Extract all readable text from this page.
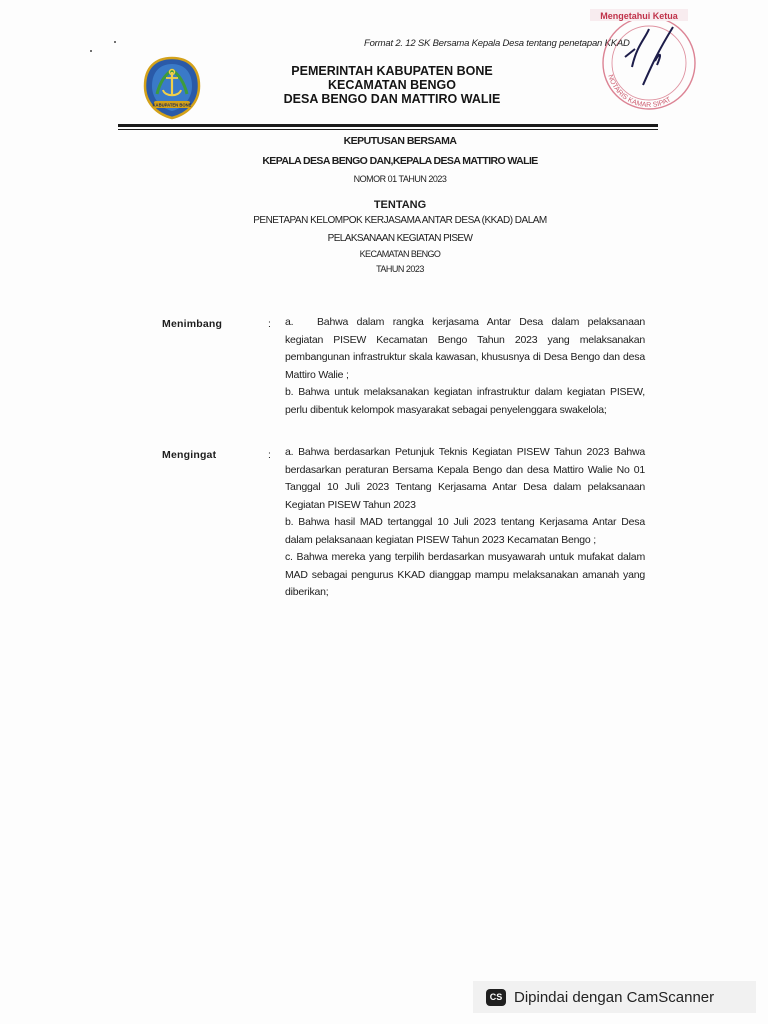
Format 2. 12 SK Bersama Kepala Desa tentang penetapan KKAD
KABUPATEN BONE
PEMERINTAH KABUPATEN BONE
KECAMATAN BENGO
DESA BENGO DAN MATTIRO WALIE
Mengetahui Ketua
NOTARIS KAMAR SIPAT
KEPUTUSAN BERSAMA
KEPALA DESA BENGO DAN,KEPALA DESA MATTIRO WALIE
NOMOR 01 TAHUN 2023
TENTANG
PENETAPAN KELOMPOK KERJASAMA ANTAR DESA (KKAD) DALAM
PELAKSANAAN KEGIATAN PISEW
KECAMATAN BENGO
TAHUN 2023
Menimbang	: a. Bahwa dalam rangka kerjasama Antar Desa dalam pelaksanaan kegiatan PISEW Kecamatan Bengo Tahun 2023 yang melaksanakan pembangunan infrastruktur skala kawasan, khususnya di Desa Bengo dan desa Mattiro Walie ;

b. Bahwa untuk melaksanakan kegiatan infrastruktur dalam kegiatan PISEW, perlu dibentuk kelompok masyarakat sebagai penyelenggara swakelola;

Mengingat	: a. Bahwa berdasarkan Petunjuk Teknis Kegiatan PISEW Tahun 2023 Bahwa berdasarkan peraturan Bersama Kepala Bengo dan desa Mattiro Walie No 01 Tanggal 10 Juli 2023 Tentang Kerjasama Antar Desa dalam pelaksanaan Kegiatan PISEW Tahun 2023

b. Bahwa hasil MAD tertanggal 10 Juli 2023 tentang Kerjasama Antar Desa dalam pelaksanaan kegiatan PISEW Tahun 2023 Kecamatan Bengo ;

c. Bahwa mereka yang terpilih berdasarkan musyawarah untuk mufakat dalam MAD sebagai pengurus KKAD dianggap mampu melaksanakan amanah yang diberikan;

CS Dipindai dengan CamScanner
